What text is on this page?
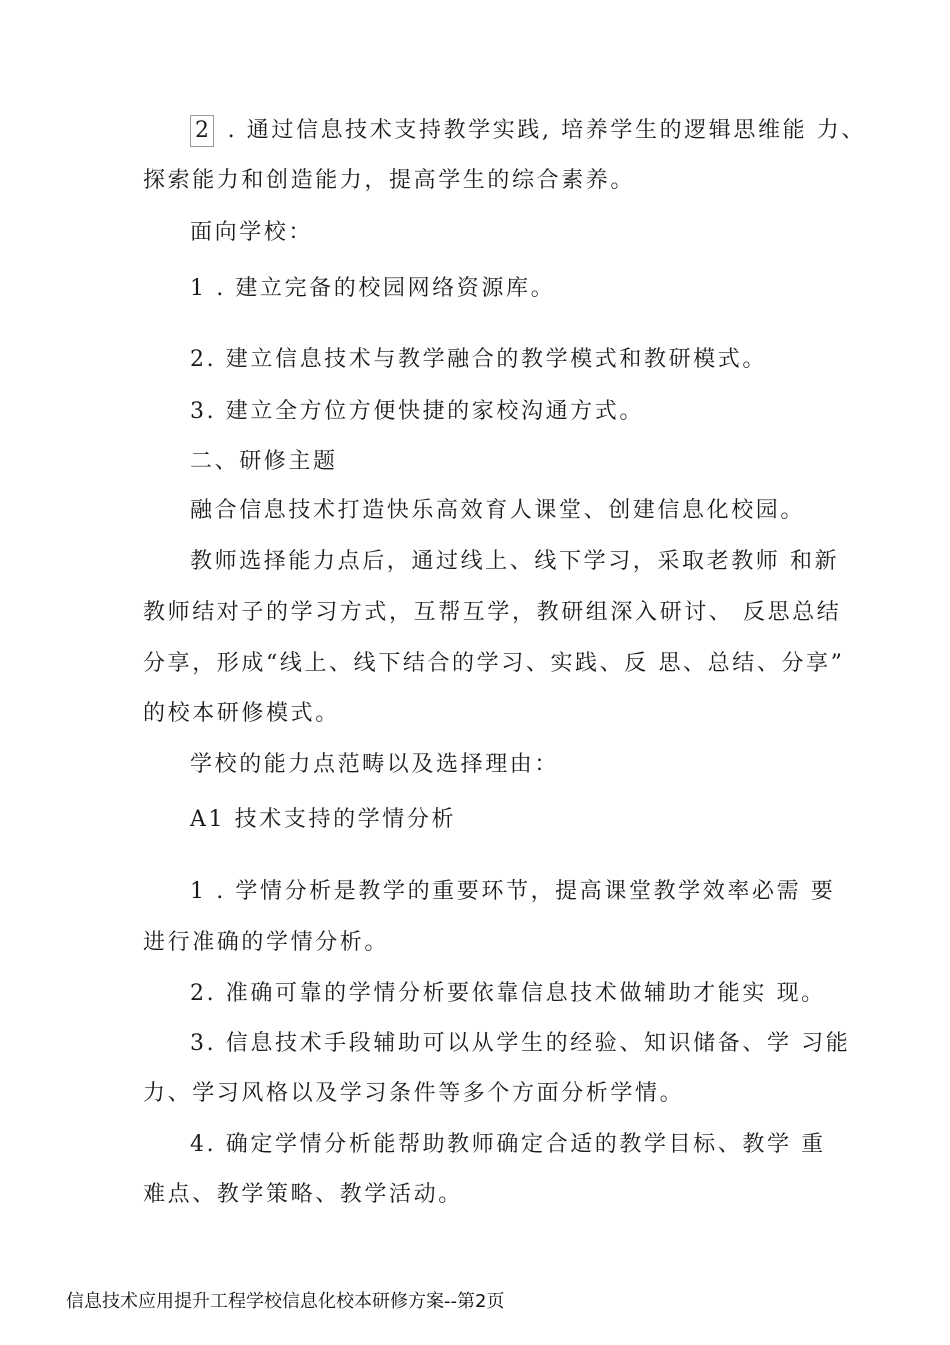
2 . 通过信息技术支持教学实践, 培养学生的逻辑思维能 力、
探索能力和创造能力，提高学生的综合素养。
面向学校：
1 . 建立完备的校园网络资源库。
2. 建立信息技术与教学融合的教学模式和教研模式。
3. 建立全方位方便快捷的家校沟通方式。
二、研修主题
融合信息技术打造快乐高效育人课堂、创建信息化校园。
教师选择能力点后，通过线上、线下学习，采取老教师 和新
教师结对子的学习方式，互帮互学，教研组深入研讨、 反思总结
分享，形成“线上、线下结合的学习、实践、反 思、总结、分享”
的校本研修模式。
学校的能力点范畴以及选择理由：
A1 技术支持的学情分析
1 . 学情分析是教学的重要环节，提高课堂教学效率必需 要
进行准确的学情分析。
2. 准确可靠的学情分析要依靠信息技术做辅助才能实 现。
3. 信息技术手段辅助可以从学生的经验、知识储备、学 习能
力、学习风格以及学习条件等多个方面分析学情。
4. 确定学情分析能帮助教师确定合适的教学目标、教学 重
难点、教学策略、教学活动。
信息技术应用提升工程学校信息化校本研修方案--第2页
